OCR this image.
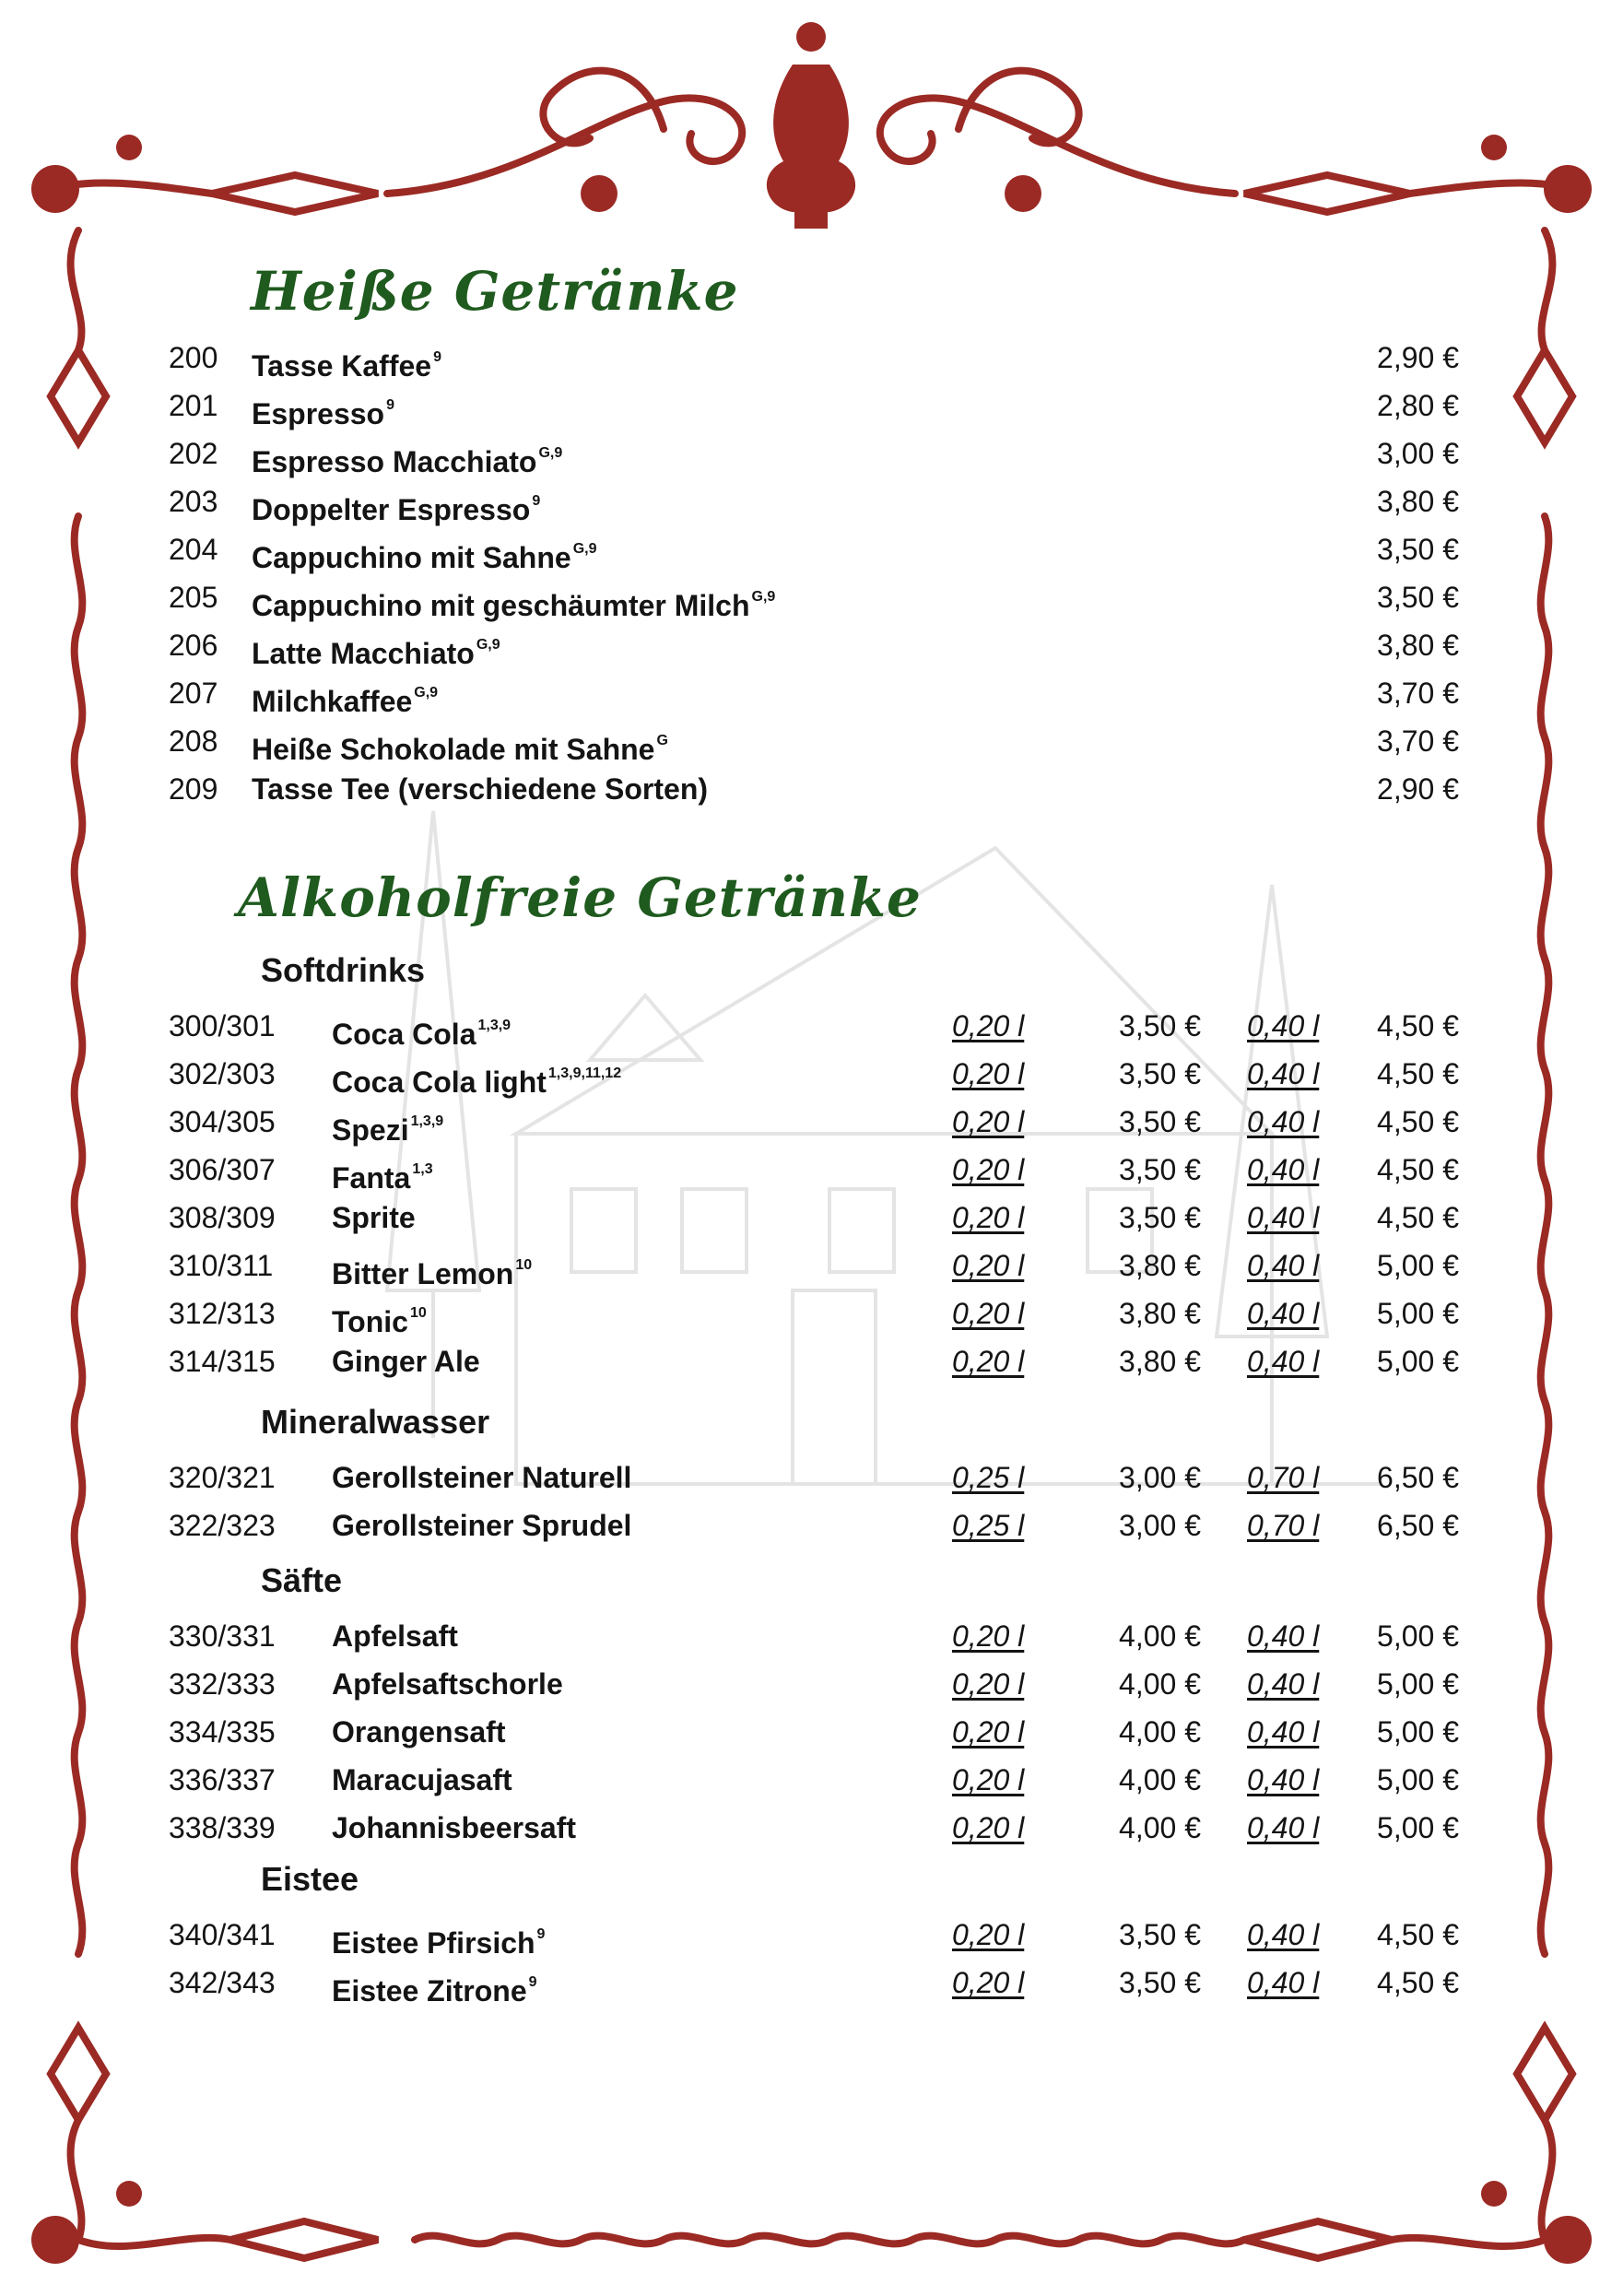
Heiße Getränke
200 Tasse Kaffee $^9$	2,90 €
201 Espresso $^9$	2,80 €
202 Espresso Macchiato $^{G,9}$	3,00 €
203 Doppelter Espresso $^9$	3,80 €
204 Cappuchino mit Sahne $^{G,9}$	3,50 €
205 Cappuchino mit geschäumter Milch $^{G,9}$	3,50 €
206 Latte Macchiato $^{G,9}$	3,80 €
207 Milchkaffee $^{G,9}$	3,70 €
208 Heiße Schokolade mit Sahne $^G$	3,70 €
209 Tasse Tee (verschiedene Sorten)	2,90 €
Alkoholfreie Getränke
Softdrinks
300/301 Coca Cola $^{1,3,9}$	0,20 l	3,50 € 0,40 l 4,50 €
302/303 Coca Cola light $^{1,3,9,11,12}$	0,20 l	3,50 € 0,40 l 4,50 €
304/305 Spezi $^{1,3,9}$	0,20 l	3,50 € 0,40 l 4,50 €
306/307 Fanta $^{1,3}$	0,20 l	3,50 € 0,40 l 4,50 €
308/309 Sprite	0,20 l	3,50 € 0,40 l 4,50 €
310/311 Bitter Lemon $^{10}$	0,20 l	3,80 € 0,40 l 5,00 €
312/313 Tonic $^{10}$	0,20 l	3,80 € 0,40 l 5,00 €
314/315 Ginger Ale	0,20 l	3,80 € 0,40 l 5,00 €
Mineralwasser
320/321 Gerollsteiner Naturell	0,25 l	3,00 € 0,70 l 6,50 €
322/323 Gerollsteiner Sprudel	0,25 l	3,00 € 0,70 l 6,50 €
Säfte
330/331 Apfelsaft	0,20 l	4,00 € 0,40 l 5,00 €
332/333 Apfelsaftschorle	0,20 l	4,00 € 0,40 l 5,00 €
334/335 Orangensaft	0,20 l	4,00 € 0,40 l 5,00 €
336/337 Maracujasaft	0,20 l	4,00 € 0,40 l 5,00 €
338/339 Johannisbeersaft	0,20 l	4,00 € 0,40 l 5,00 €
Eistee
340/341 Eistee Pfirsich $^9$	0,20 l	3,50 € 0,40 l 4,50 €
342/343 Eistee Zitrone $^9$	0,20 l	3,50 € 0,40 l 4,50 €
